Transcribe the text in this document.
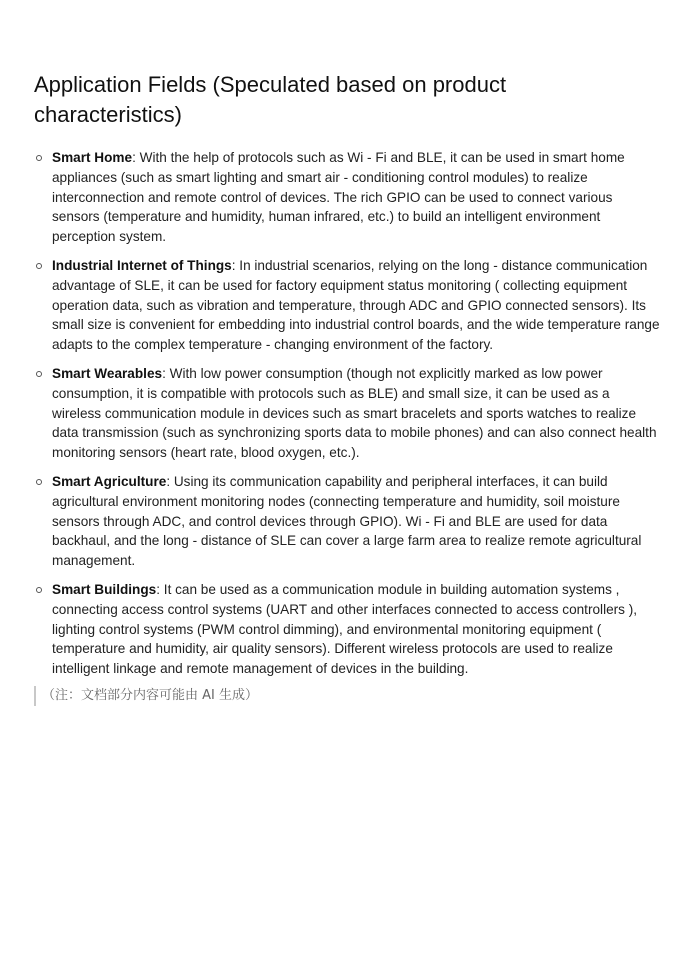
Application Fields (Speculated based on product characteristics)
Smart Home: With the help of protocols such as Wi - Fi and BLE, it can be used in smart home appliances (such as smart lighting and smart air - conditioning control modules) to realize interconnection and remote control of devices. The rich GPIO can be used to connect various sensors (temperature and humidity, human infrared, etc.) to build an intelligent environment perception system.
Industrial Internet of Things: In industrial scenarios, relying on the long - distance communication advantage of SLE, it can be used for factory equipment status monitoring ( collecting equipment operation data, such as vibration and temperature, through ADC and GPIO connected sensors). Its small size is convenient for embedding into industrial control boards, and the wide temperature range adapts to the complex temperature - changing environment of the factory.
Smart Wearables: With low power consumption (though not explicitly marked as low power consumption, it is compatible with protocols such as BLE) and small size, it can be used as a wireless communication module in devices such as smart bracelets and sports watches to realize data transmission (such as synchronizing sports data to mobile phones) and can also connect health monitoring sensors (heart rate, blood oxygen, etc.).
Smart Agriculture: Using its communication capability and peripheral interfaces, it can build agricultural environment monitoring nodes (connecting temperature and humidity, soil moisture sensors through ADC, and control devices through GPIO). Wi - Fi and BLE are used for data backhaul, and the long - distance of SLE can cover a large farm area to realize remote agricultural management.
Smart Buildings: It can be used as a communication module in building automation systems , connecting access control systems (UART and other interfaces connected to access controllers ), lighting control systems (PWM control dimming), and environmental monitoring equipment ( temperature and humidity, air quality sensors). Different wireless protocols are used to realize intelligent linkage and remote management of devices in the building.
（注：文档部分内容可能由 AI 生成）
